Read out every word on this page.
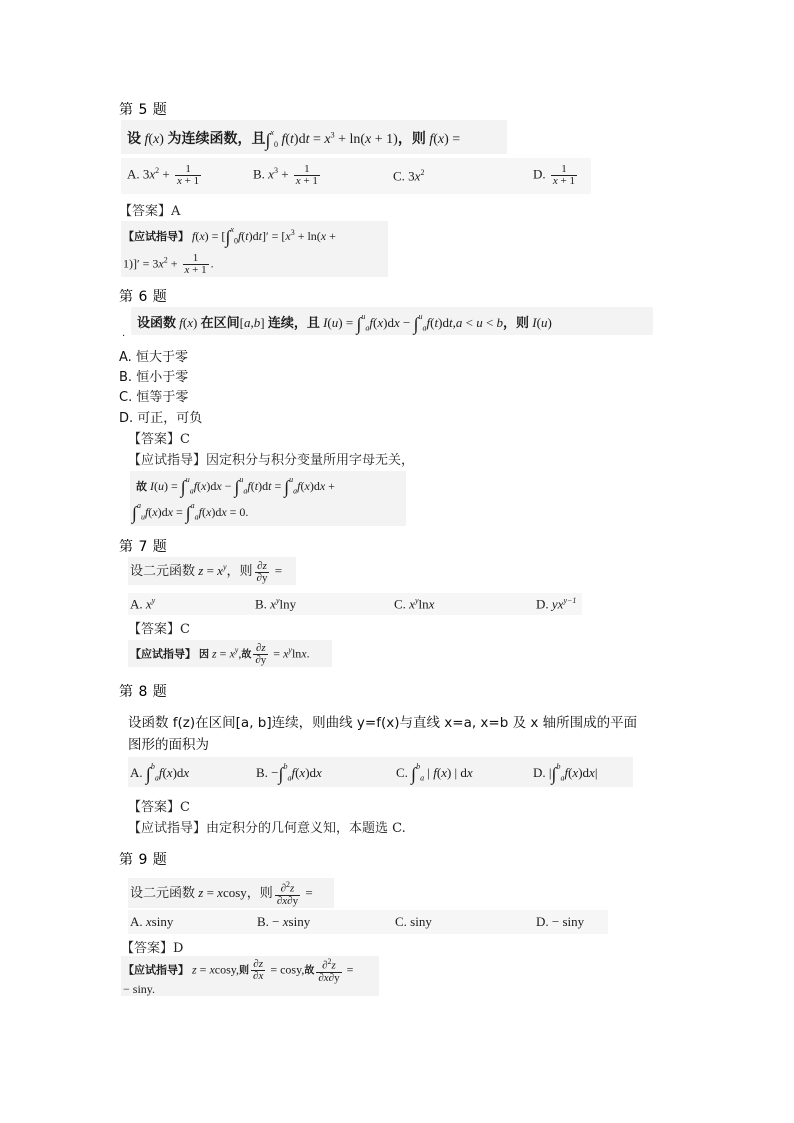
第 5 题
设 f(x) 为连续函数，且∫$^x_0$ $f(t)dt = x^3 + \ln(x + 1)$，则 f(x) =
A. $3x^2 + \frac{1}{x + 1}$	B. $x^3 + \frac{1}{x + 1}$	C. $3x^2$	D. $\frac{1}{x + 1}$
【答案】A
【应试指导】 $f(x) = [\int^x_0f(t)dt]' = [x^3 + \ln(x$ +
$1)]' = 3x^2 + \frac{1}{x + 1}$ .
第 6 题
设函数 f(x) 在区间[a,b] 连续，且 I(u) = ∫$^u_a$f(x)dx − ∫$^u_a$f(t)dt,a < u < b，则 I(u)
.
A. 恒大于零
B. 恒小于零
C. 恒等于零
D. 可正，可负
【答案】C
【应试指导】因定积分与积分变量所用字母无关，
故 I(u) = ∫$^u_a$f(x)dx − ∫$^u_a$f(t)dt = ∫$^u_a$f(x)dx +
∫$^a_u$f(x)dx = ∫$^a_a$f(x)dx = 0.
第 7 题
设二元函数 $z = x^y$，则 $\frac{\partial z}{\partial y}$ =
A. $x^y$	B. $x^y\ln y$	C. $x^y\ln x$	D. $yx^{y-1}$
【答案】C
【应试指导】 因 $z = x^y$,故 $\frac{\partial z}{\partial y} = x^y\ln x$.
第 8 题
设函数 f(z)在区间[a, b]连续，则曲线 y=f(x)与直线 x=a, x=b 及 x 轴所围成的平面
图形的面积为
A. ∫$^b_a$f(x)dx	B. −∫$^b_a$f(x)dx	C. ∫$^b_a$ | f(x) | dx	D. |∫$^b_a$f(x)dx|
【答案】C
【应试指导】由定积分的几何意义知，本题选 C.
第 9 题
设二元函数 z = xcosy，则 $\frac{\partial^2z}{\partial x\partial y}$ =
A. xsiny	B. − xsiny	C. siny	D. − siny
【答案】D
【应试指导】 z = xcosy,则 $\frac{\partial z}{\partial x} = \cos y$,故 $\frac{\partial^2z}{\partial x\partial y}$ =
− siny.
